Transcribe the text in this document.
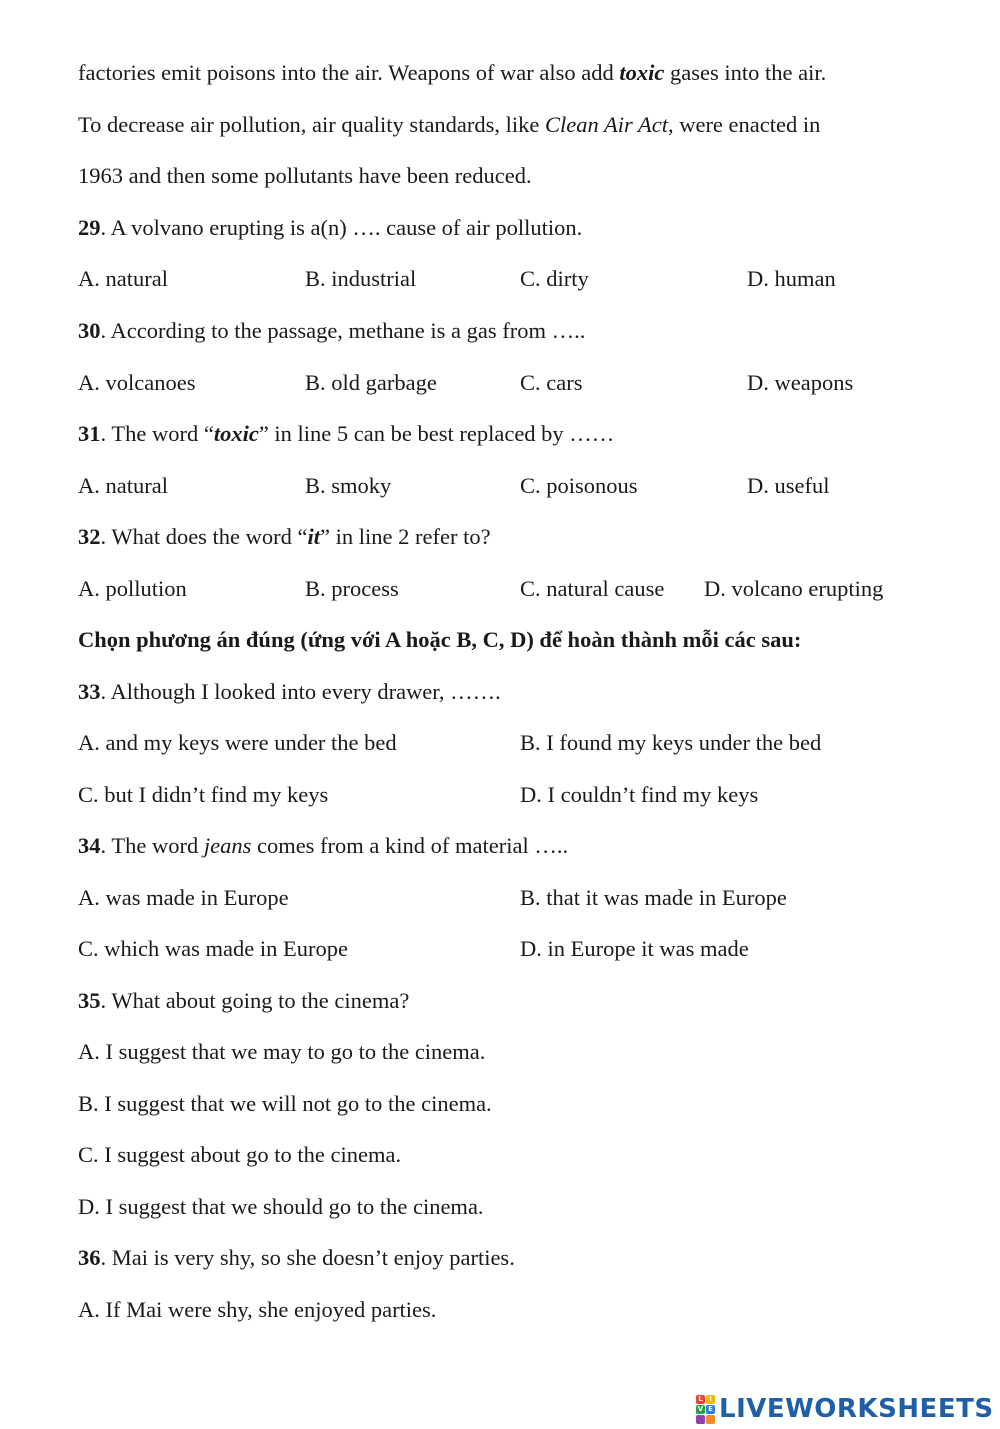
factories emit poisons into the air. Weapons of war also add toxic gases into the air.
To decrease air pollution, air quality standards, like Clean Air Act, were enacted in
1963 and then some pollutants have been reduced.
29. A volvano erupting is a(n) …. cause of air pollution.
A. natural	B. industrial	C. dirty	D. human
30. According to the passage, methane is a gas from …..
A. volcanoes	B. old garbage	C. cars	D. weapons
31. The word “toxic” in line 5 can be best replaced by ……
A. natural	B. smoky	C. poisonous	D. useful
32. What does the word “it” in line 2 refer to?
A. pollution	B. process	C. natural cause D. volcano erupting
Chọn phương án đúng (ứng với A hoặc B, C, D) để hoàn thành mỗi các sau:
33. Although I looked into every drawer, …….
A. and my keys were under the bed	B. I found my keys under the bed
C. but I didn’t find my keys	D. I couldn’t find my keys
34. The word jeans comes from a kind of material …..
A. was made in Europe	B. that it was made in Europe
C. which was made in Europe	D. in Europe it was made
35. What about going to the cinema?
A. I suggest that we may to go to the cinema.
B. I suggest that we will not go to the cinema.
C. I suggest about go to the cinema.
D. I suggest that we should go to the cinema.
36. Mai is very shy, so she doesn’t enjoy parties.
A. If Mai were shy, she enjoyed parties.
L I
V E LIVEWORKSHEETS
